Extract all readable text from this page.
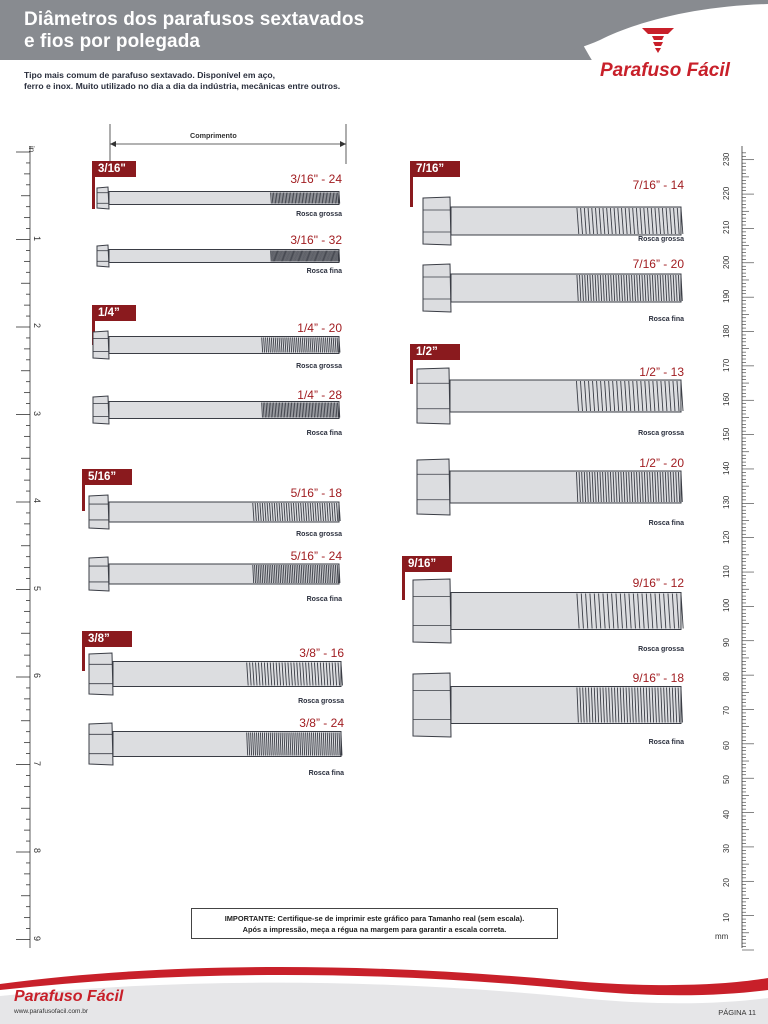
Diâmetros dos parafusos sextavados
e fios por polegada
Parafuso Fácil
Tipo mais comum de parafuso sextavado. Disponível em aço,
ferro e inox. Muito utilizado no dia a dia da indústria, mecânicas entre outros.
Comprimento
3/16"
3/16" - 24
Rosca grossa
3/16" - 32
Rosca fina
1/4”
1/4” - 20
Rosca grossa
1/4” - 28
Rosca fina
5/16”
5/16” - 18
Rosca grossa
5/16” - 24
Rosca fina
3/8”
3/8” - 16
Rosca grossa
3/8” - 24
Rosca fina
7/16”
7/16” - 14
Rosca grossa
7/16” - 20
Rosca fina
1/2”
1/2” - 13
Rosca grossa
1/2” - 20
Rosca fina
9/16”
9/16” - 12
Rosca grossa
9/16” - 18
Rosca fina
IMPORTANTE: Certifique-se de imprimir este gráfico para Tamanho real (sem escala).
Após a impressão, meça a régua na margem para garantir a escala correta.
1
2
3
4
5
6
7
8
9
10
20
30
40
50
60
70
80
90
100
110
120
130
140
150
160
170
180
190
200
210
220
230
in
mm
Parafuso Fácil
www.parafusofacil.com.br	PÁGINA 11
